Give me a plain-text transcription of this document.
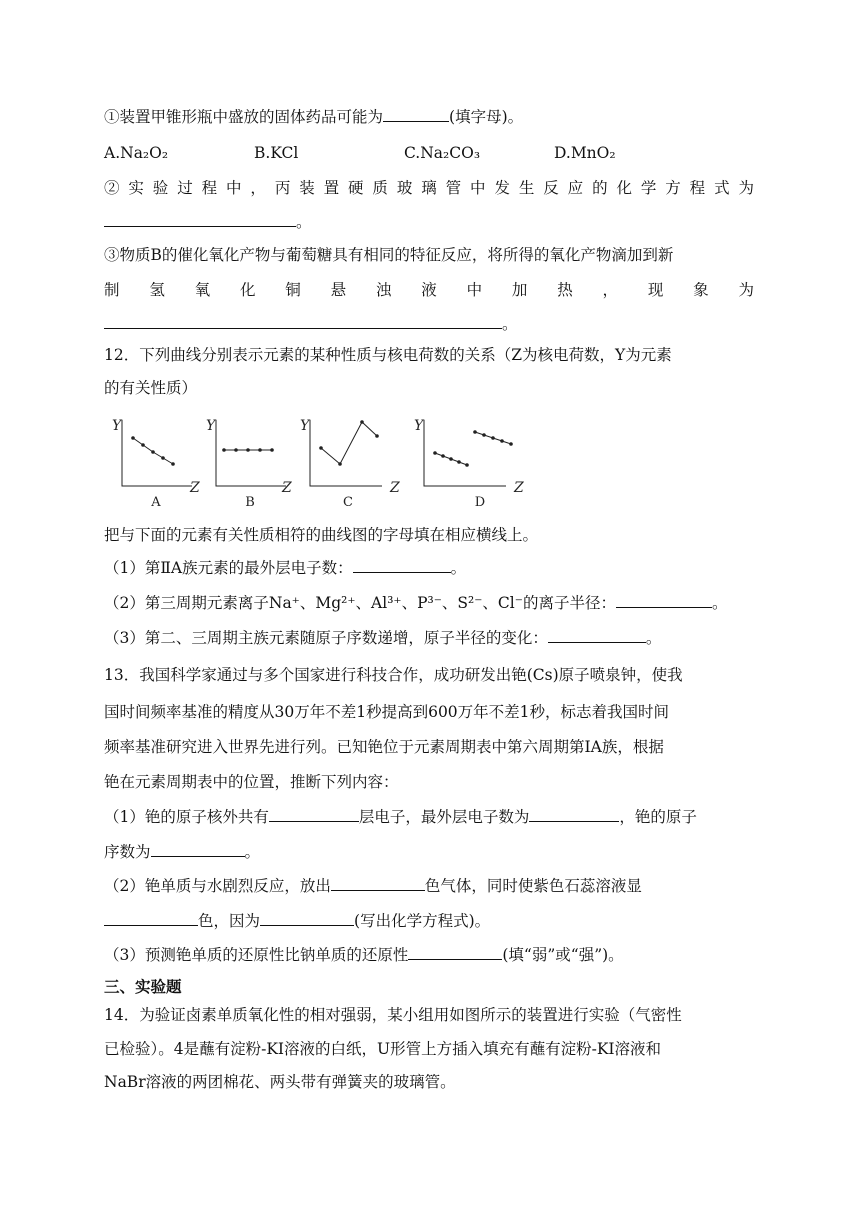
①装置甲锥形瓶中盛放的固体药品可能为	(填字母)。
A.Na₂O₂	B.KCl	C.Na₂CO₃	D.MnO₂
②实验过程中，丙装置硬质玻璃管中发生反应的化学方程式为
。
③物质B的催化氧化产物与葡萄糖具有相同的特征反应，将所得的氧化产物滴加到新
制氢氧化铜悬浊液中加热，现象为
。
12．下列曲线分别表示元素的某种性质与核电荷数的关系（Z为核电荷数，Y为元素
的有关性质）
Y
Z
Y
Z
Y
Z
Y
Z
A	B	C	D
把与下面的元素有关性质相符的曲线图的字母填在相应横线上。
（1）第ⅡA族元素的最外层电子数：	。
（2）第三周期元素离子Na⁺、Mg²⁺、Al³⁺、P³⁻、S²⁻、Cl⁻的离子半径：	。
（3）第二、三周期主族元素随原子序数递增，原子半径的变化：	。
13．我国科学家通过与多个国家进行科技合作，成功研发出铯(Cs)原子喷泉钟，使我
国时间频率基准的精度从30万年不差1秒提高到600万年不差1秒，标志着我国时间
频率基准研究进入世界先进行列。已知铯位于元素周期表中第六周期第ⅠA族，根据
铯在元素周期表中的位置，推断下列内容：
（1）铯的原子核外共有	层电子，最外层电子数为	，铯的原子
序数为	。
（2）铯单质与水剧烈反应，放出	色气体，同时使紫色石蕊溶液显
色，因为	(写出化学方程式)。
（3）预测铯单质的还原性比钠单质的还原性	(填“弱”或“强”)。
三、实验题
14．为验证卤素单质氧化性的相对强弱，某小组用如图所示的装置进行实验（气密性
已检验）。4是蘸有淀粉-KI溶液的白纸，U形管上方插入填充有蘸有淀粉-KI溶液和
NaBr溶液的两团棉花、两头带有弹簧夹的玻璃管。
